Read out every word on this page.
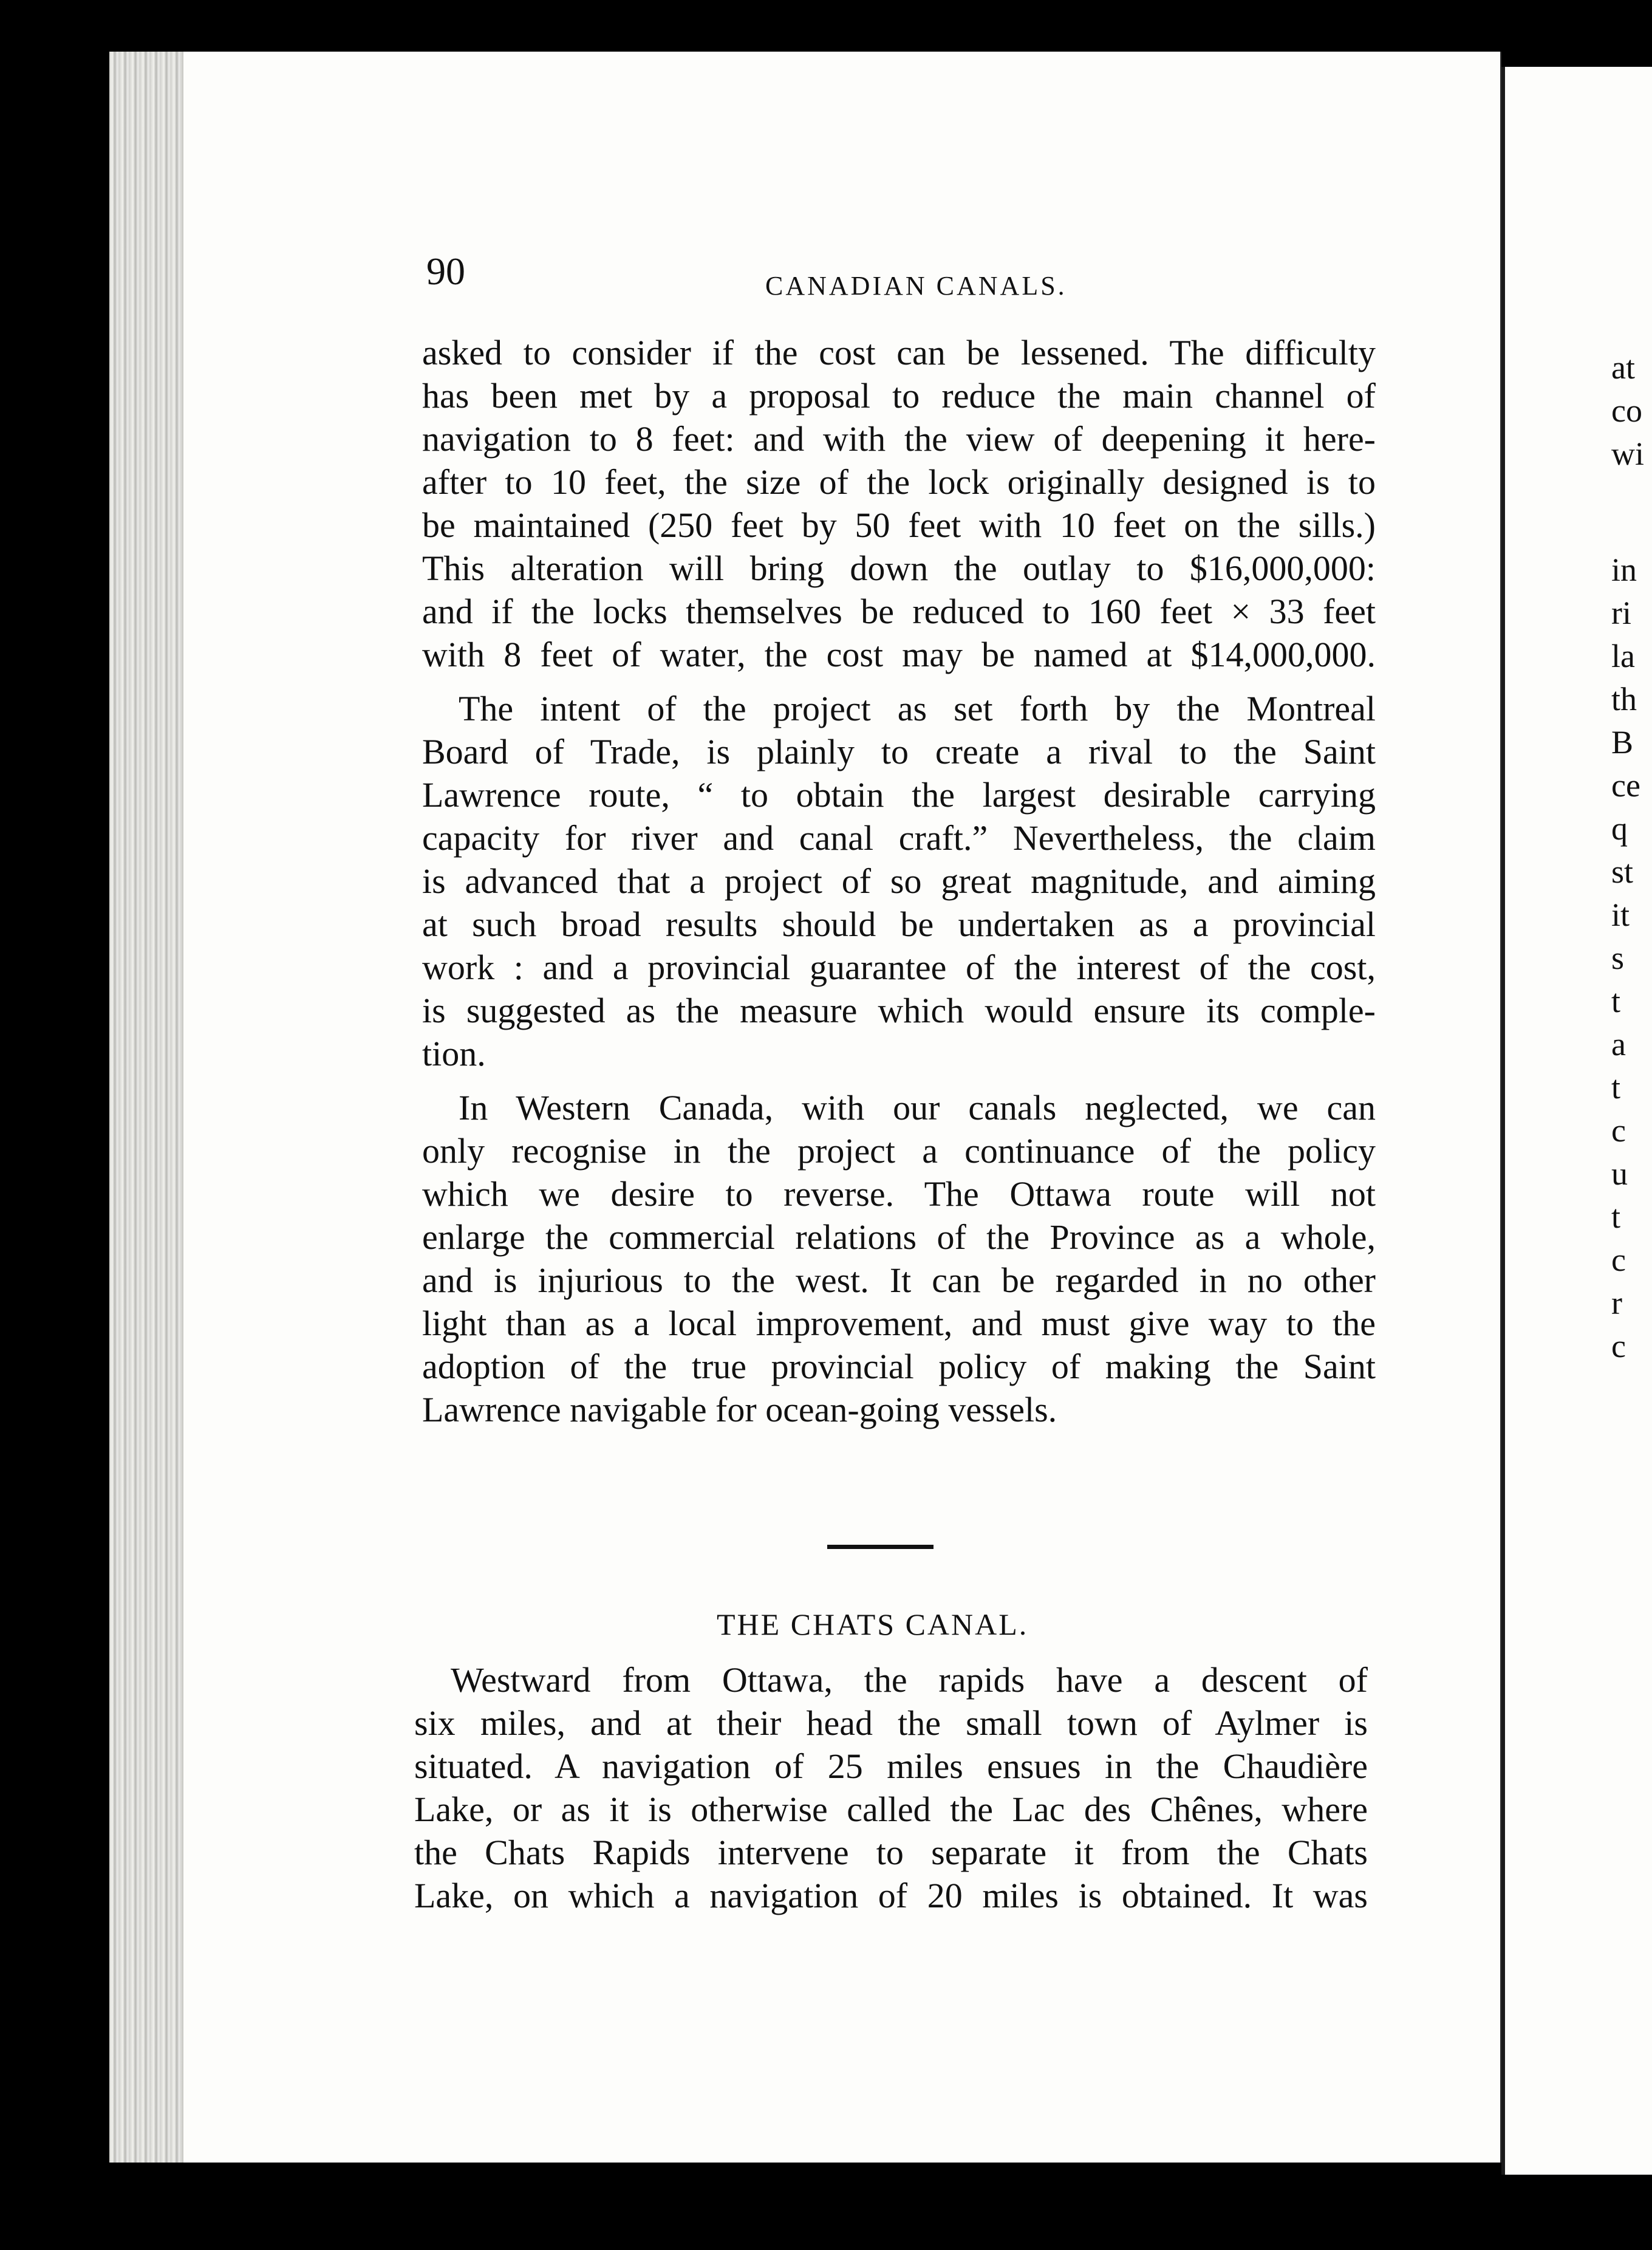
90	CANADIAN CANALS.
asked to consider if the cost can be lessened. The difficulty
has been met by a proposal to reduce the main channel of
navigation to 8 feet: and with the view of deepening it here-
after to 10 feet, the size of the lock originally designed is to
be maintained (250 feet by 50 feet with 10 feet on the sills.)
This alteration will bring down the outlay to $16,000,000:
and if the locks themselves be reduced to 160 feet × 33 feet
with 8 feet of water, the cost may be named at $14,000,000.
The intent of the project as set forth by the Montreal
Board of Trade, is plainly to create a rival to the Saint
Lawrence route, “ to obtain the largest desirable carrying
capacity for river and canal craft.” Nevertheless, the claim
is advanced that a project of so great magnitude, and aiming
at such broad results should be undertaken as a provincial
work : and a provincial guarantee of the interest of the cost,
is suggested as the measure which would ensure its comple-
tion.
In Western Canada, with our canals neglected, we can
only recognise in the project a continuance of the policy
which we desire to reverse. The Ottawa route will not
enlarge the commercial relations of the Province as a whole,
and is injurious to the west. It can be regarded in no other
light than as a local improvement, and must give way to the
adoption of the true provincial policy of making the Saint
Lawrence navigable for ocean-going vessels.
THE CHATS CANAL.
Westward from Ottawa, the rapids have a descent of
six miles, and at their head the small town of Aylmer is
situated. A navigation of 25 miles ensues in the Chaudière
Lake, or as it is otherwise called the Lac des Chênes, where
the Chats Rapids intervene to separate it from the Chats
Lake, on which a navigation of 20 miles is obtained. It was
at
co
wi
in
ri
la
th
B
ce
q
st
it
s
t
a
t
c
u
t
c
r
c
